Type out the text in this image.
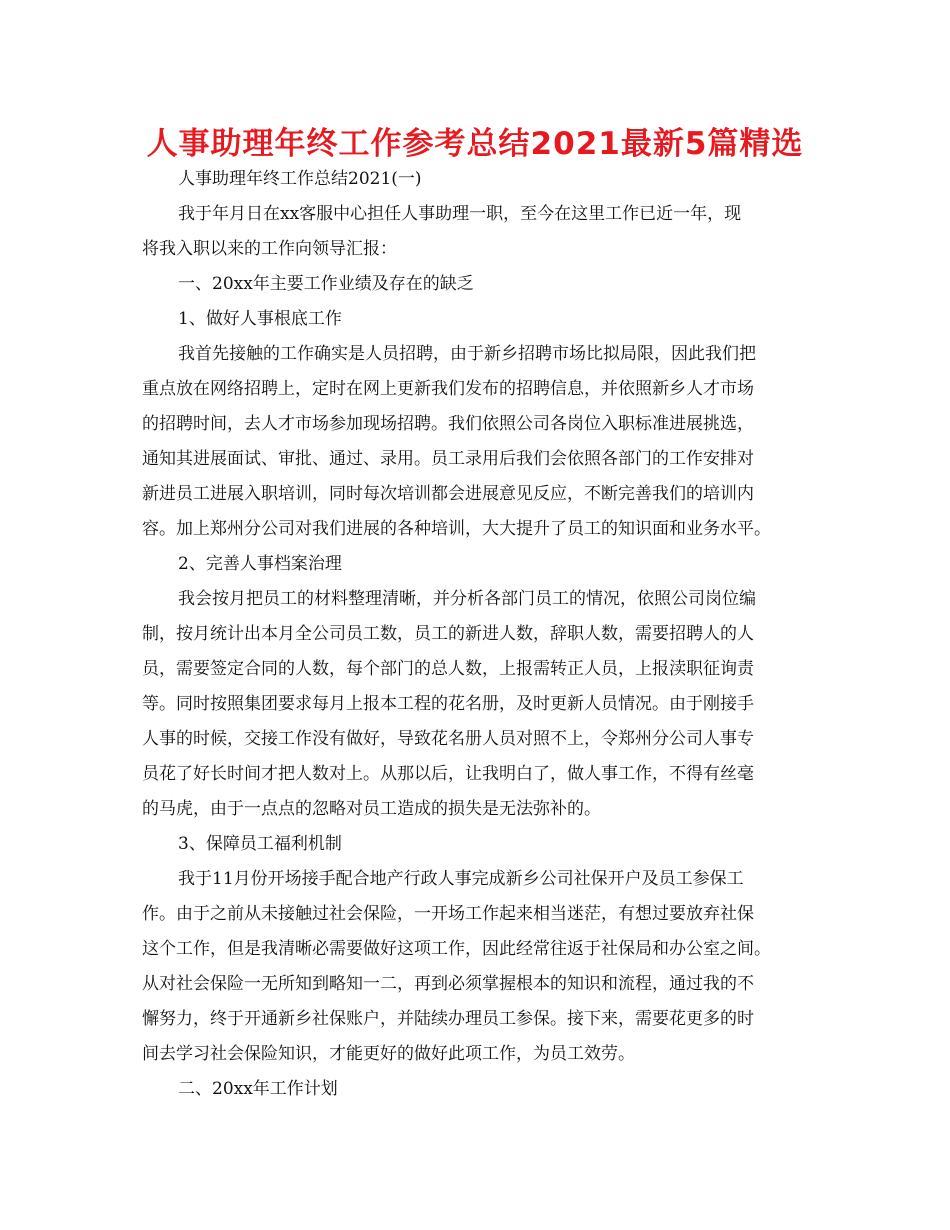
人事助理年终工作参考总结2021最新5篇精选
人事助理年终工作总结2021(一)
我于年月日在xx客服中心担任人事助理一职，至今在这里工作已近一年，现
将我入职以来的工作向领导汇报：
一、20xx年主要工作业绩及存在的缺乏
1、做好人事根底工作
我首先接触的工作确实是人员招聘，由于新乡招聘市场比拟局限，因此我们把
重点放在网络招聘上，定时在网上更新我们发布的招聘信息，并依照新乡人才市场
的招聘时间，去人才市场参加现场招聘。我们依照公司各岗位入职标准进展挑选，
通知其进展面试、审批、通过、录用。员工录用后我们会依照各部门的工作安排对
新进员工进展入职培训，同时每次培训都会进展意见反应，不断完善我们的培训内
容。加上郑州分公司对我们进展的各种培训，大大提升了员工的知识面和业务水平。
2、完善人事档案治理
我会按月把员工的材料整理清晰，并分析各部门员工的情况，依照公司岗位编
制，按月统计出本月全公司员工数，员工的新进人数，辞职人数，需要招聘人的人
员，需要签定合同的人数，每个部门的总人数，上报需转正人员，上报渎职征询责
等。同时按照集团要求每月上报本工程的花名册，及时更新人员情况。由于刚接手
人事的时候，交接工作没有做好，导致花名册人员对照不上，令郑州分公司人事专
员花了好长时间才把人数对上。从那以后，让我明白了，做人事工作，不得有丝毫
的马虎，由于一点点的忽略对员工造成的损失是无法弥补的。
3、保障员工福利机制
我于11月份开场接手配合地产行政人事完成新乡公司社保开户及员工参保工
作。由于之前从未接触过社会保险，一开场工作起来相当迷茫，有想过要放弃社保
这个工作，但是我清晰必需要做好这项工作，因此经常往返于社保局和办公室之间。
从对社会保险一无所知到略知一二，再到必须掌握根本的知识和流程，通过我的不
懈努力，终于开通新乡社保账户，并陆续办理员工参保。接下来，需要花更多的时
间去学习社会保险知识，才能更好的做好此项工作，为员工效劳。
二、20xx年工作计划
